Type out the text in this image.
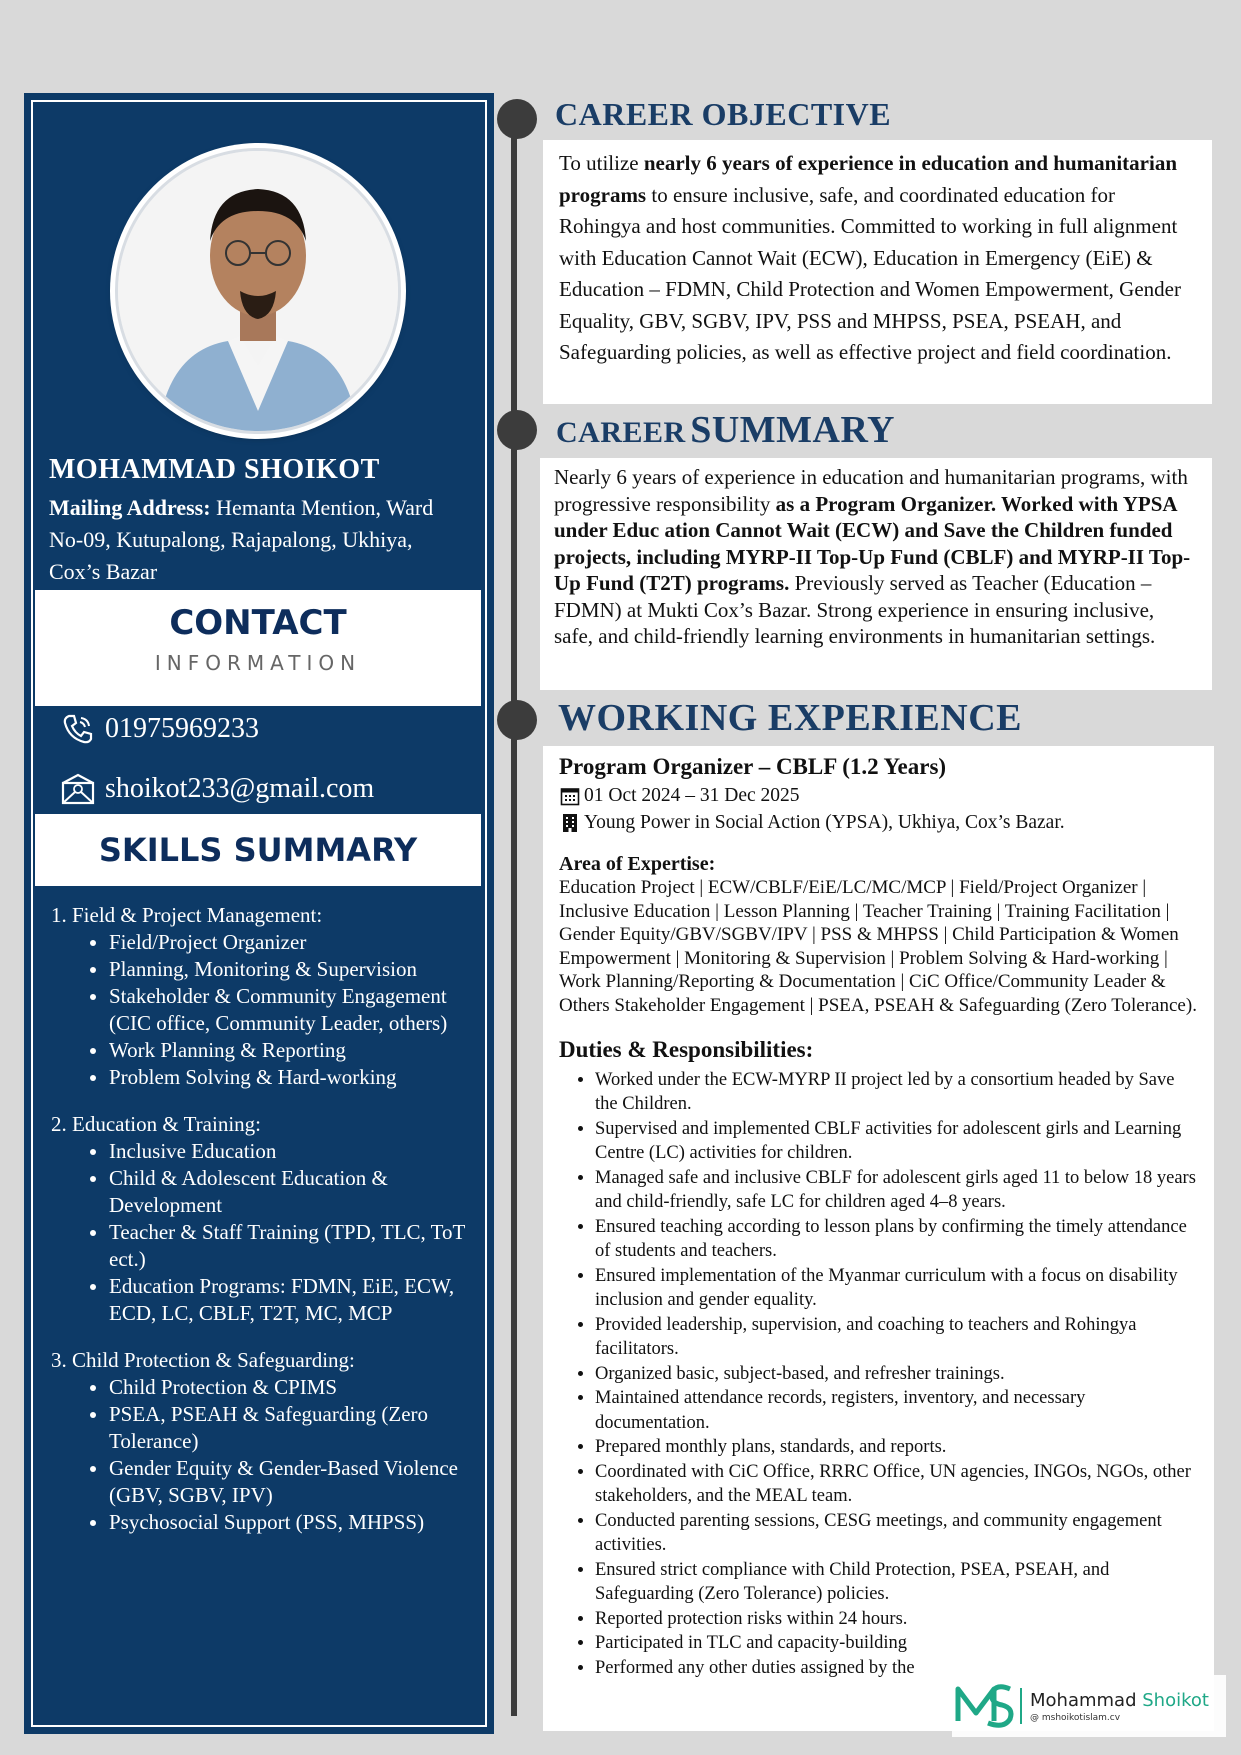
MOHAMMAD SHOIKOT
Mailing Address: Hemanta Mention, Ward No-09, Kutupalong, Rajapalong, Ukhiya, Cox’s Bazar
CONTACT
INFORMATION
01975969233
shoikot233@gmail.com
SKILLS SUMMARY
1. Field & Project Management:
• Field/Project Organizer
• Planning, Monitoring & Supervision
• Stakeholder & Community Engagement (CIC office, Community Leader, others)
• Work Planning & Reporting
• Problem Solving & Hard-working
2. Education & Training:
• Inclusive Education
• Child & Adolescent Education & Development
• Teacher & Staff Training (TPD, TLC, ToT ect.)
• Education Programs: FDMN, EiE, ECW, ECD, LC, CBLF, T2T, MC, MCP
3. Child Protection & Safeguarding:
• Child Protection & CPIMS
• PSEA, PSEAH & Safeguarding (Zero Tolerance)
• Gender Equity & Gender-Based Violence (GBV, SGBV, IPV)
• Psychosocial Support (PSS, MHPSS)
CAREER OBJECTIVE
To utilize nearly 6 years of experience in education and humanitarian programs to ensure inclusive, safe, and coordinated education for Rohingya and host communities. Committed to working in full alignment with Education Cannot Wait (ECW), Education in Emergency (EiE) & Education – FDMN, Child Protection and Women Empowerment, Gender Equality, GBV, SGBV, IPV, PSS and MHPSS, PSEA, PSEAH, and Safeguarding policies, as well as effective project and field coordination.
CAREER SUMMARY
Nearly 6 years of experience in education and humanitarian programs, with progressive responsibility as a Program Organizer. Worked with YPSA under Educ ation Cannot Wait (ECW) and Save the Children funded projects, including MYRP-II Top-Up Fund (CBLF) and MYRP-II Top-Up Fund (T2T) programs. Previously served as Teacher (Education – FDMN) at Mukti Cox’s Bazar. Strong experience in ensuring inclusive, safe, and child-friendly learning environments in humanitarian settings.
WORKING EXPERIENCE
Program Organizer – CBLF (1.2 Years)
01 Oct 2024 – 31 Dec 2025
Young Power in Social Action (YPSA), Ukhiya, Cox’s Bazar.
Area of Expertise:
Education Project | ECW/CBLF/EiE/LC/MC/MCP | Field/Project Organizer | Inclusive Education | Lesson Planning | Teacher Training | Training Facilitation | Gender Equity/GBV/SGBV/IPV | PSS & MHPSS | Child Participation & Women Empowerment | Monitoring & Supervision | Problem Solving & Hard-working | Work Planning/Reporting & Documentation | CiC Office/Community Leader & Others Stakeholder Engagement | PSEA, PSEAH & Safeguarding (Zero Tolerance).
Duties & Responsibilities:
• Worked under the ECW-MYRP II project led by a consortium headed by Save the Children.
• Supervised and implemented CBLF activities for adolescent girls and Learning Centre (LC) activities for children.
• Managed safe and inclusive CBLF for adolescent girls aged 11 to below 18 years and child-friendly, safe LC for children aged 4–8 years.
• Ensured teaching according to lesson plans by confirming the timely attendance of students and teachers.
• Ensured implementation of the Myanmar curriculum with a focus on disability inclusion and gender equality.
• Provided leadership, supervision, and coaching to teachers and Rohingya facilitators.
• Organized basic, subject-based, and refresher trainings.
• Maintained attendance records, registers, inventory, and necessary documentation.
• Prepared monthly plans, standards, and reports.
• Coordinated with CiC Office, RRRC Office, UN agencies, INGOs, NGOs, other stakeholders, and the MEAL team.
• Conducted parenting sessions, CESG meetings, and community engagement activities.
• Ensured strict compliance with Child Protection, PSEA, PSEAH, and Safeguarding (Zero Tolerance) policies.
• Reported protection risks within 24 hours.
• Participated in TLC and capacity-building
• Performed any other duties assigned by the
Mohammad Shoikot
@ mshoikotislam.cv
